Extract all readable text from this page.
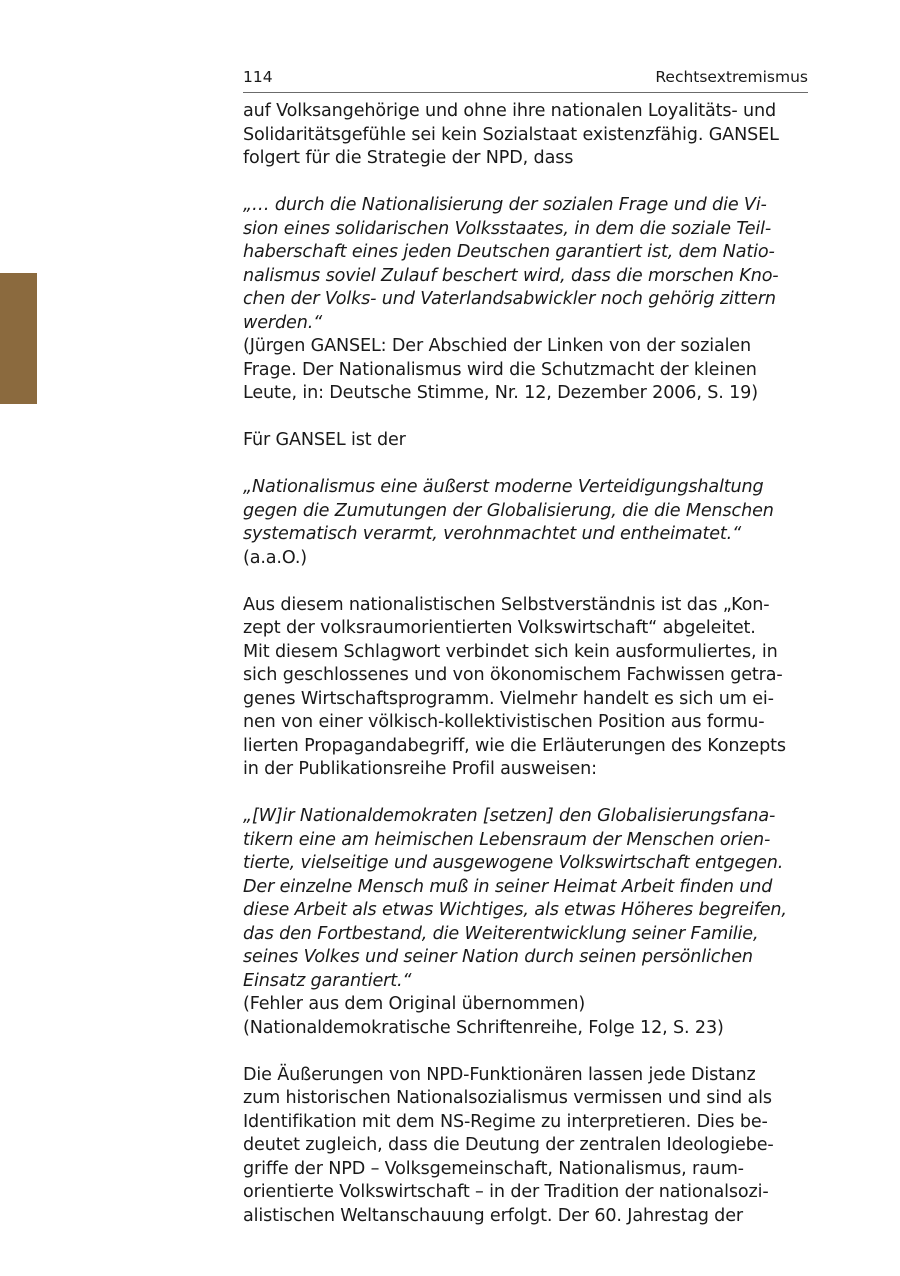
114	Rechtsextremismus
auf Volksangehörige und ohne ihre nationalen Loyalitäts- und
Solidaritätsgefühle sei kein Sozialstaat existenzfähig. GANSEL
folgert für die Strategie der NPD, dass
„… durch die Nationalisierung der sozialen Frage und die Vi-
sion eines solidarischen Volksstaates, in dem die soziale Teil-
haberschaft eines jeden Deutschen garantiert ist, dem Natio-
nalismus soviel Zulauf beschert wird, dass die morschen Kno-
chen der Volks- und Vaterlandsabwickler noch gehörig zittern
werden.“
(Jürgen GANSEL: Der Abschied der Linken von der sozialen
Frage. Der Nationalismus wird die Schutzmacht der kleinen
Leute, in: Deutsche Stimme, Nr. 12, Dezember 2006, S. 19)
Für GANSEL ist der
„Nationalismus eine äußerst moderne Verteidigungshaltung
gegen die Zumutungen der Globalisierung, die die Menschen
systematisch verarmt, verohnmachtet und entheimatet.“
(a.a.O.)
Aus diesem nationalistischen Selbstverständnis ist das „Kon-
zept der volksraumorientierten Volkswirtschaft“ abgeleitet.
Mit diesem Schlagwort verbindet sich kein ausformuliertes, in
sich geschlossenes und von ökonomischem Fachwissen getra-
genes Wirtschaftsprogramm. Vielmehr handelt es sich um ei-
nen von einer völkisch-kollektivistischen Position aus formu-
lierten Propagandabegriff, wie die Erläuterungen des Konzepts
in der Publikationsreihe Profil ausweisen:
„[W]ir Nationaldemokraten [setzen] den Globalisierungsfana-
tikern eine am heimischen Lebensraum der Menschen orien-
tierte, vielseitige und ausgewogene Volkswirtschaft entgegen.
Der einzelne Mensch muß in seiner Heimat Arbeit finden und
diese Arbeit als etwas Wichtiges, als etwas Höheres begreifen,
das den Fortbestand, die Weiterentwicklung seiner Familie,
seines Volkes und seiner Nation durch seinen persönlichen
Einsatz garantiert.“
(Fehler aus dem Original übernommen)
(Nationaldemokratische Schriftenreihe, Folge 12, S. 23)
Die Äußerungen von NPD-Funktionären lassen jede Distanz
zum historischen Nationalsozialismus vermissen und sind als
Identifikation mit dem NS-Regime zu interpretieren. Dies be-
deutet zugleich, dass die Deutung der zentralen Ideologiebe-
griffe der NPD – Volksgemeinschaft, Nationalismus, raum-
orientierte Volkswirtschaft – in der Tradition der nationalsozi-
alistischen Weltanschauung erfolgt. Der 60. Jahrestag der
